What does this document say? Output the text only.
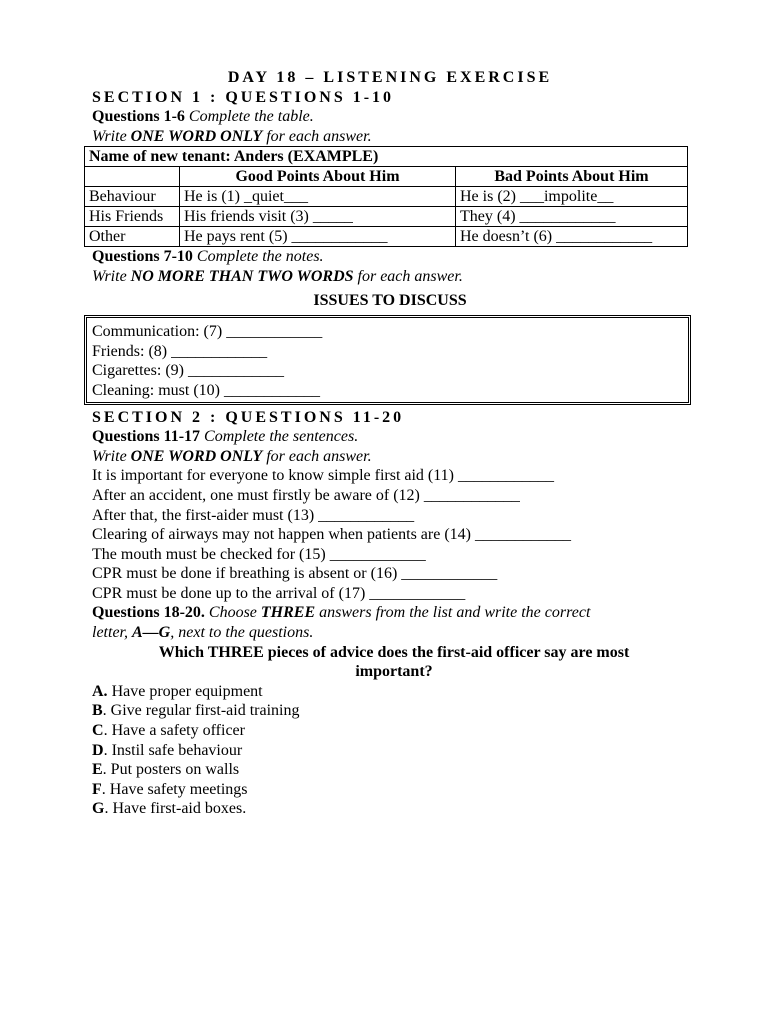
DAY 18 – LISTENING EXERCISE
SECTION 1 : QUESTIONS 1-10
Questions 1-6 Complete the table.
Write ONE WORD ONLY for each answer.
Name of new tenant: Anders (EXAMPLE)		
	Good Points About Him	Bad Points About Him
Behaviour	He is (1) _quiet___	He is (2) ___impolite__
His Friends	His friends visit (3) _____	They (4) ____________
Other	He pays rent (5) ____________	He doesn’t (6) ____________
Questions 7-10 Complete the notes.
Write NO MORE THAN TWO WORDS for each answer.
ISSUES TO DISCUSS
Communication: (7) ____________
Friends: (8) ____________
Cigarettes: (9) ____________
Cleaning: must (10) ____________
SECTION 2 : QUESTIONS 11-20
Questions 11-17 Complete the sentences.
Write ONE WORD ONLY for each answer.
It is important for everyone to know simple first aid (11) ____________
After an accident, one must firstly be aware of (12) ____________
After that, the first-aider must (13) ____________
Clearing of airways may not happen when patients are (14) ____________
The mouth must be checked for (15) ____________
CPR must be done if breathing is absent or (16) ____________
CPR must be done up to the arrival of (17) ____________
Questions 18-20. Choose THREE answers from the list and write the correct
letter, A—G, next to the questions.
Which THREE pieces of advice does the first-aid officer say are most
important?
A. Have proper equipment
B. Give regular first-aid training
C. Have a safety officer
D. Instil safe behaviour
E. Put posters on walls
F. Have safety meetings
G. Have first-aid boxes.
